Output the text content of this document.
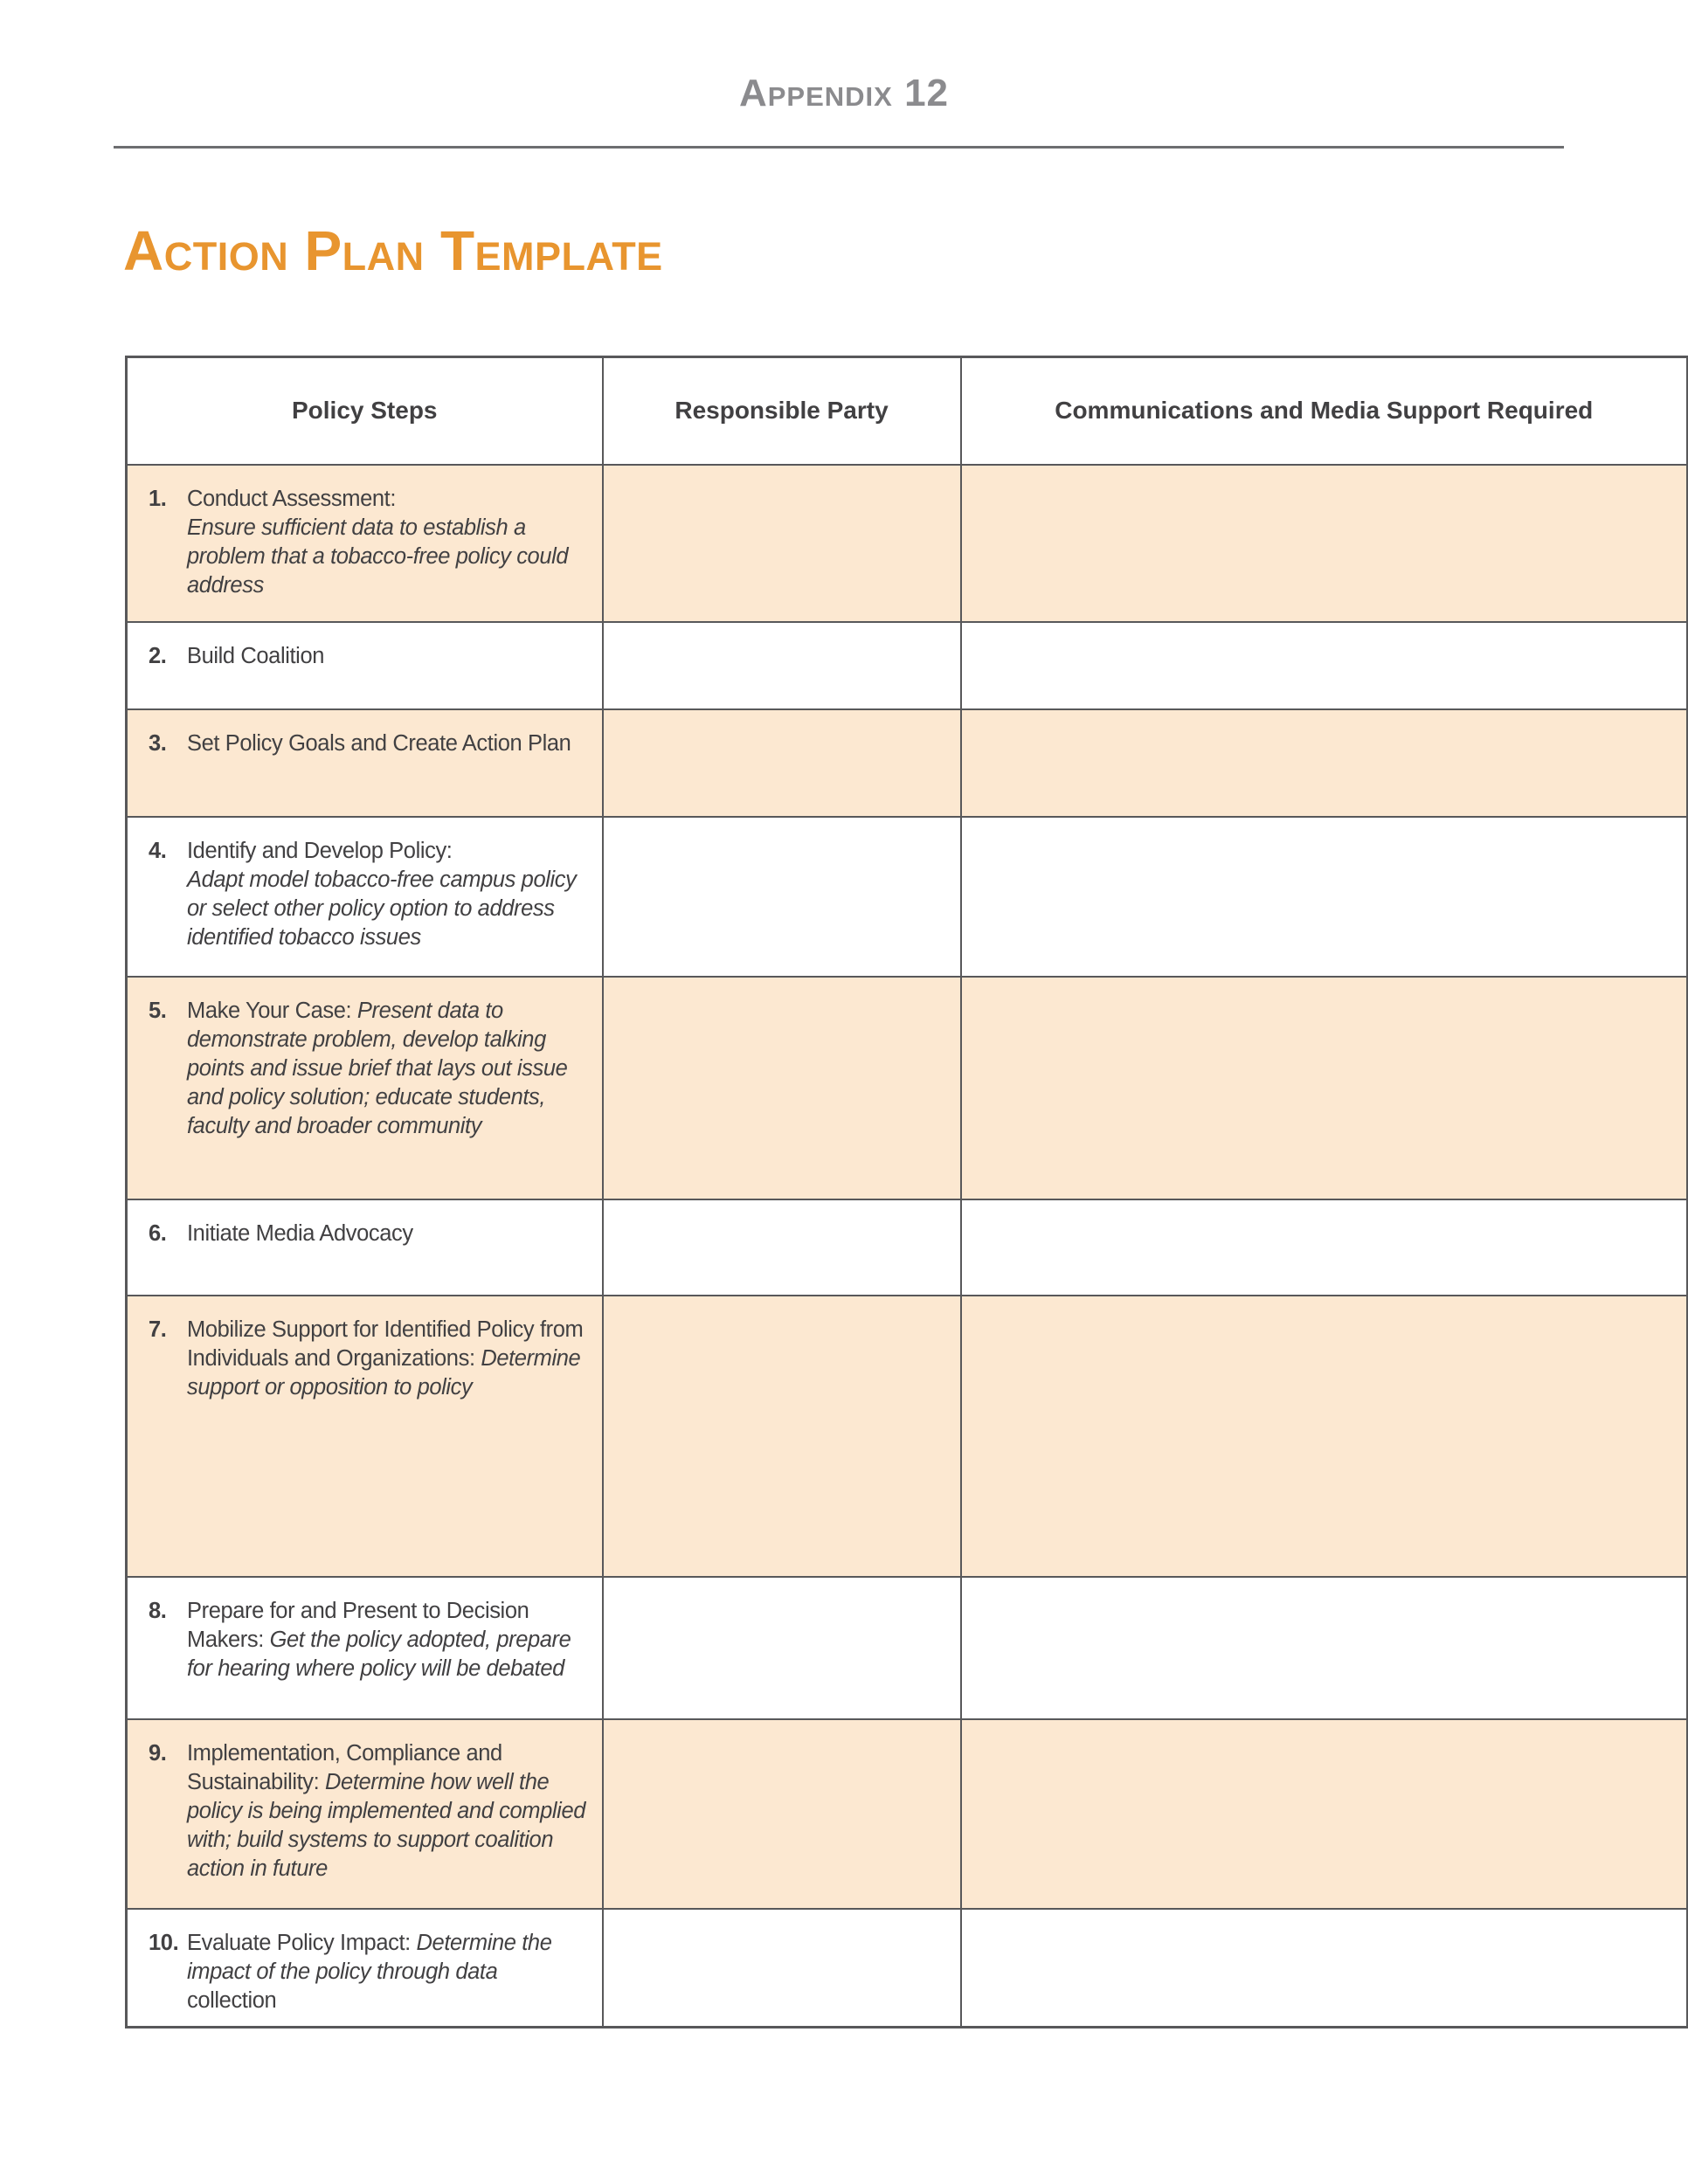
Appendix 12
Action Plan Template
Policy Steps	Responsible Party	Communications and Media Support Required

1. Conduct Assessment:
Ensure sufficient data to establish a problem that a tobacco-free policy could address		

2. Build Coalition		

3. Set Policy Goals and Create Action Plan		

4. Identify and Develop Policy:
Adapt model tobacco-free campus policy or select other policy option to address identified tobacco issues		

5. Make Your Case: Present data to demonstrate problem, develop talking points and issue brief that lays out issue and policy solution; educate students, faculty and broader community		

6. Initiate Media Advocacy		

7. Mobilize Support for Identified Policy from Individuals and Organizations: Determine support or opposition to policy		

8. Prepare for and Present to Decision Makers: Get the policy adopted, prepare for hearing where policy will be debated		

9. Implementation, Compliance and Sustainability: Determine how well the policy is being implemented and complied with; build systems to support coalition action in future		

10. Evaluate Policy Impact: Determine the impact of the policy through data collection		
